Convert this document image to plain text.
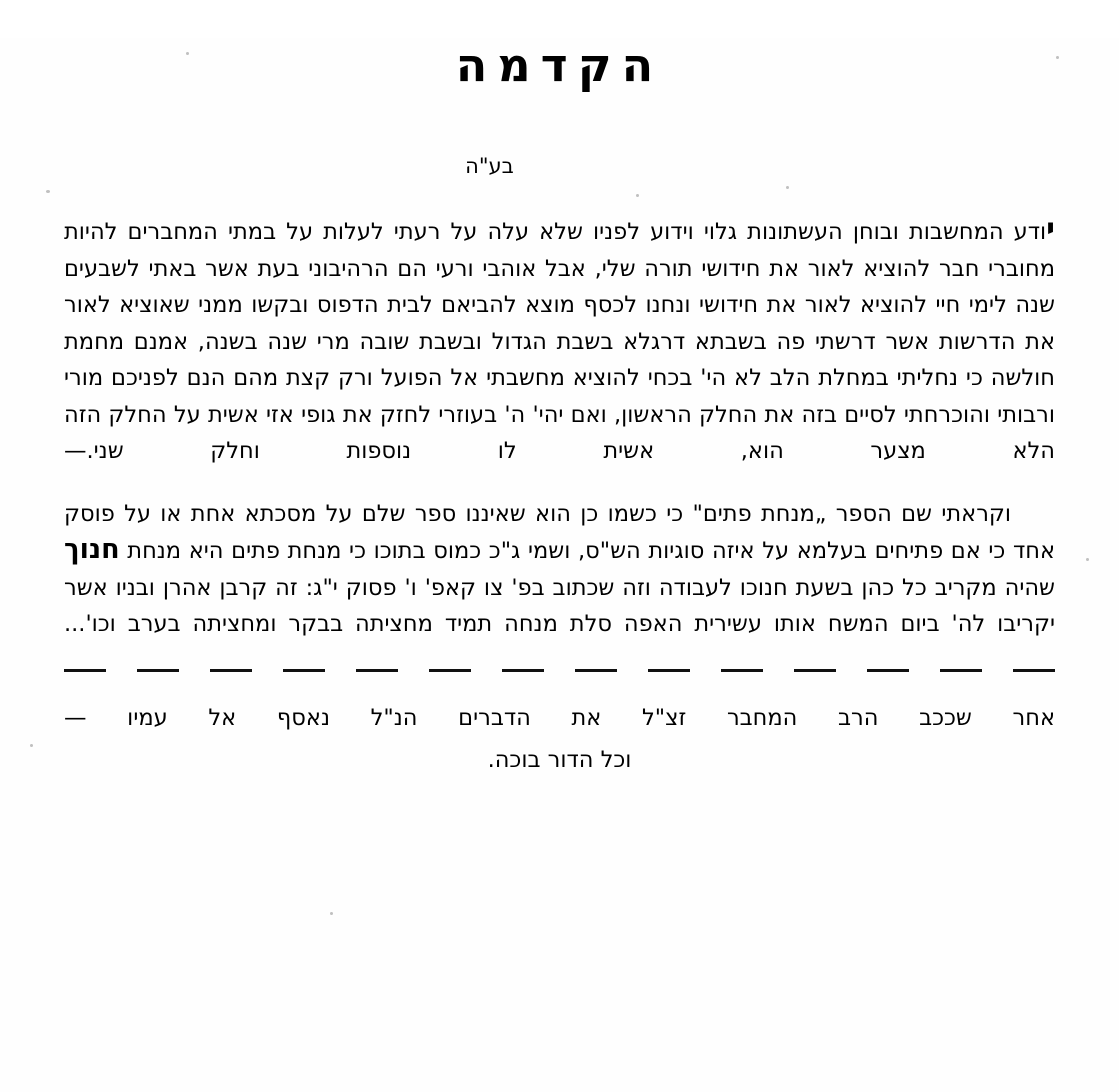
הקדמה
בע"ה

יודע המחשבות ובוחן העשתונות גלוי וידוע לפניו שלא עלה על רעתי לעלות על במתי המחברים להיות מחוברי חבר להוציא לאור את חידושי תורה שלי, אבל אוהבי ורעי הם הרהיבוני בעת אשר באתי לשבעים שנה לימי חיי להוציא לאור את חידושי ונחנו לכסף מוצא להביאם לבית הדפוס ובקשו ממני שאוציא לאור את הדרשות אשר דרשתי פה בשבתא דרגלא בשבת הגדול ובשבת שובה מרי שנה בשנה, אמנם מחמת חולשה כי נחליתי במחלת הלב לא הי' בכחי להוציא מחשבתי אל הפועל ורק קצת מהם הנם לפניכם מורי ורבותי והוכרחתי לסיים בזה את החלק הראשון, ואם יהי' ה' בעוזרי לחזק את גופי אזי אשית על החלק הזה הלא מצער הוא, אשית לו נוספות וחלק שני.—

וקראתי שם הספר „מנחת פתים" כי כשמו כן הוא שאיננו ספר שלם על מסכתא אחת או על פוסק אחד כי אם פתיחים בעלמא על איזה סוגיות הש"ס, ושמי ג"כ כמוס בתוכו כי מנחת פתים היא מנחת חנוך שהיה מקריב כל כהן בשעת חנוכו לעבודה וזה שכתוב בפ' צו קאפ' ו' פסוק י"ג: זה קרבן אהרן ובניו אשר יקריבו לה' ביום המשח אותו עשירית האפה סלת מנחה תמיד מחציתה בבקר ומחציתה בערב וכו'...

אחר שככב הרב המחבר זצ"ל את הדברים הנ"ל נאסף אל עמיו —
וכל הדור בוכה.
